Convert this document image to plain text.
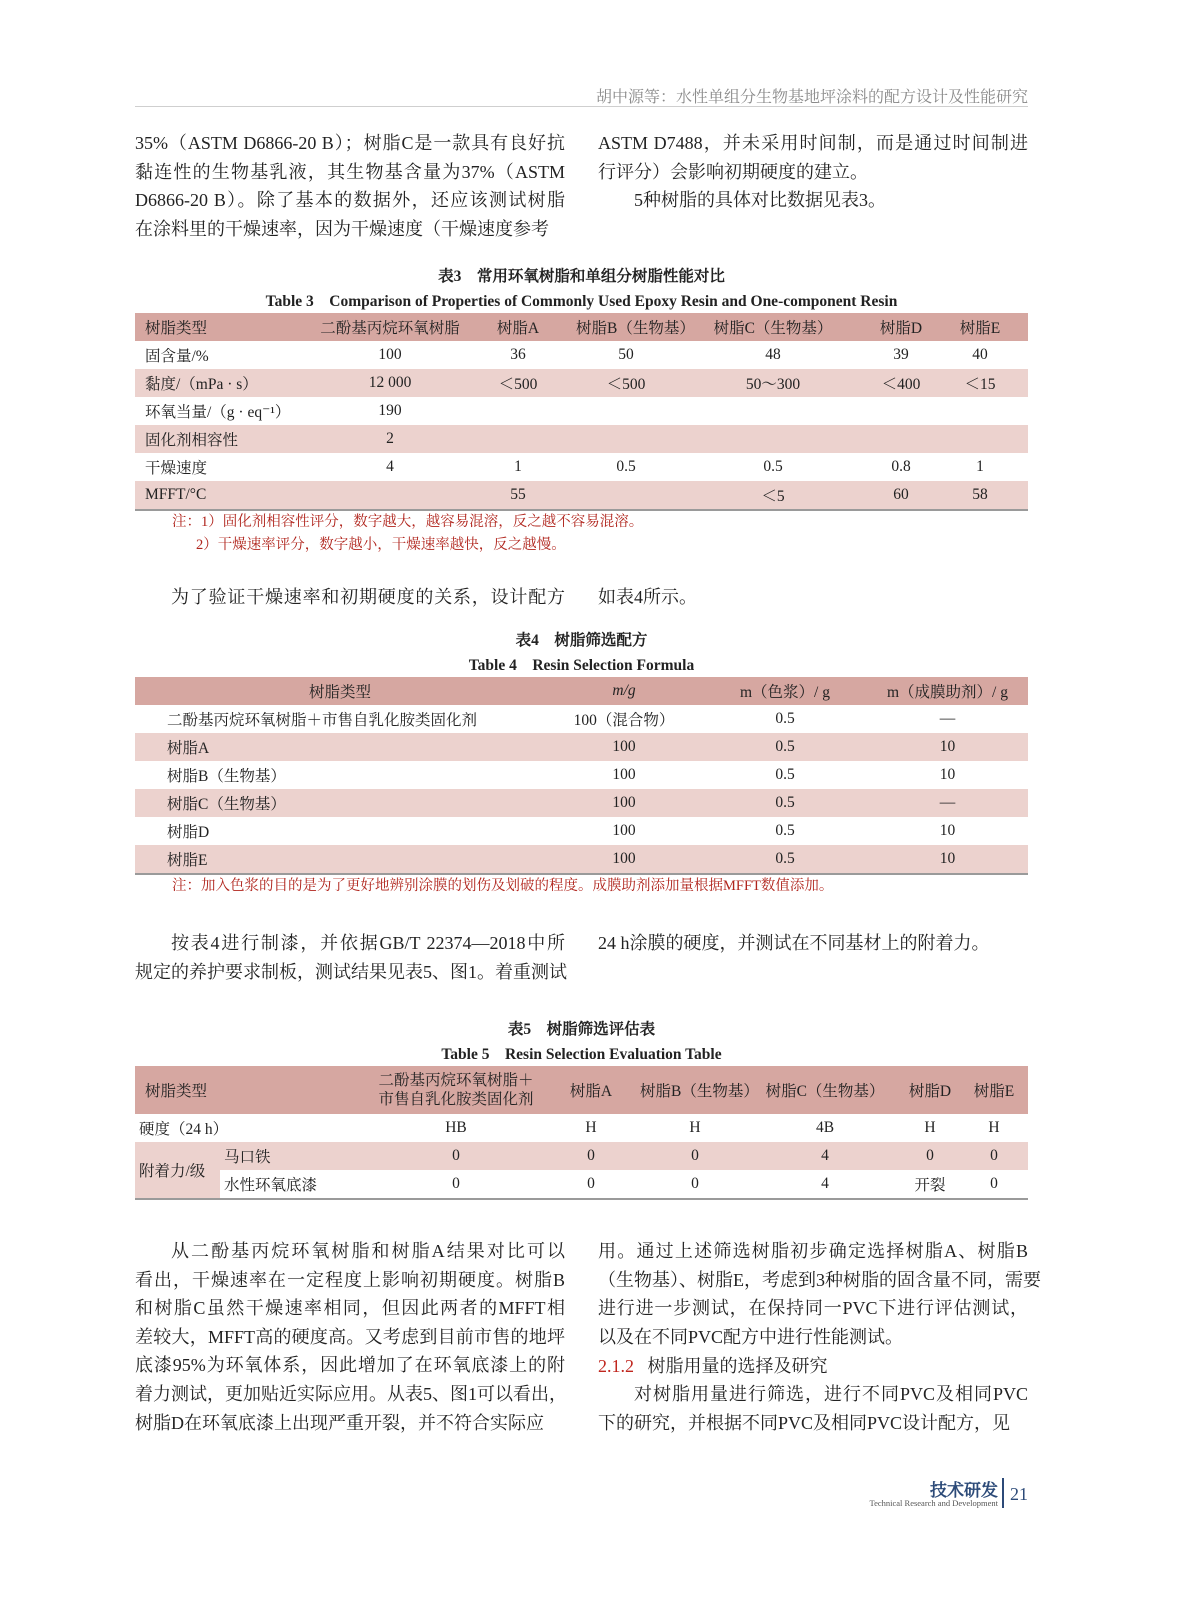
胡中源等：水性单组分生物基地坪涂料的配方设计及性能研究
35%（ASTM D6866-20 B）；树脂C是一款具有良好抗
黏连性的生物基乳液，其生物基含量为37%（ASTM
D6866-20 B）。除了基本的数据外，还应该测试树脂
在涂料里的干燥速率，因为干燥速度（干燥速度参考
ASTM D7488，并未采用时间制，而是通过时间制进
行评分）会影响初期硬度的建立。
5种树脂的具体对比数据见表3。
表3　常用环氧树脂和单组分树脂性能对比
Table 3　Comparison of Properties of Commonly Used Epoxy Resin and One-component Resin
树脂类型	二酚基丙烷环氧树脂	树脂A	树脂B（生物基）	树脂C（生物基）	树脂D	树脂E
固含量/%	100	36	50	48	39	40
黏度/（mPa · s）	12 000	＜500	＜500	50～300	＜400	＜15
环氧当量/（g · eq⁻¹）	190					
固化剂相容性	2					
干燥速度	4	1	0.5	0.5	0.8	1
MFFT/°C		55		＜5	60	58
注：1）固化剂相容性评分，数字越大，越容易混溶，反之越不容易混溶。
2）干燥速率评分，数字越小，干燥速率越快，反之越慢。
为了验证干燥速率和初期硬度的关系，设计配方 如表4所示。
表4　树脂筛选配方
Table 4　Resin Selection Formula
树脂类型	m/g	m（色浆）/ g	m（成膜助剂）/ g
二酚基丙烷环氧树脂＋市售自乳化胺类固化剂	100（混合物）	0.5	—
树脂A	100	0.5	10
树脂B（生物基）	100	0.5	10
树脂C（生物基）	100	0.5	—
树脂D	100	0.5	10
树脂E	100	0.5	10
注：加入色浆的目的是为了更好地辨别涂膜的划伤及划破的程度。成膜助剂添加量根据MFFT数值添加。
按表4进行制漆，并依据GB/T 22374—2018中所
规定的养护要求制板，测试结果见表5、图1。着重测试
24 h涂膜的硬度，并测试在不同基材上的附着力。
表5　树脂筛选评估表
Table 5　Resin Selection Evaluation Table
树脂类型		二酚基丙烷环氧树脂＋
市售自乳化胺类固化剂	树脂A	树脂B（生物基）	树脂C（生物基）	树脂D	树脂E
硬度（24 h）		HB	H	H	4B	H	H
附着力/级	马口铁	0	0	0	4	0	0
	水性环氧底漆	0	0	0	4	开裂	0
从二酚基丙烷环氧树脂和树脂A结果对比可以
看出，干燥速率在一定程度上影响初期硬度。树脂B
和树脂C虽然干燥速率相同，但因此两者的MFFT相
差较大，MFFT高的硬度高。又考虑到目前市售的地坪
底漆95%为环氧体系，因此增加了在环氧底漆上的附
着力测试，更加贴近实际应用。从表5、图1可以看出，
树脂D在环氧底漆上出现严重开裂，并不符合实际应
用。通过上述筛选树脂初步确定选择树脂A、树脂B
（生物基）、树脂E，考虑到3种树脂的固含量不同，需要
进行进一步测试，在保持同一PVC下进行评估测试，
以及在不同PVC配方中进行性能测试。
2.1.2 树脂用量的选择及研究
对树脂用量进行筛选，进行不同PVC及相同PVC
下的研究，并根据不同PVC及相同PVC设计配方，见
技术研发
Technical Research and Development 21
